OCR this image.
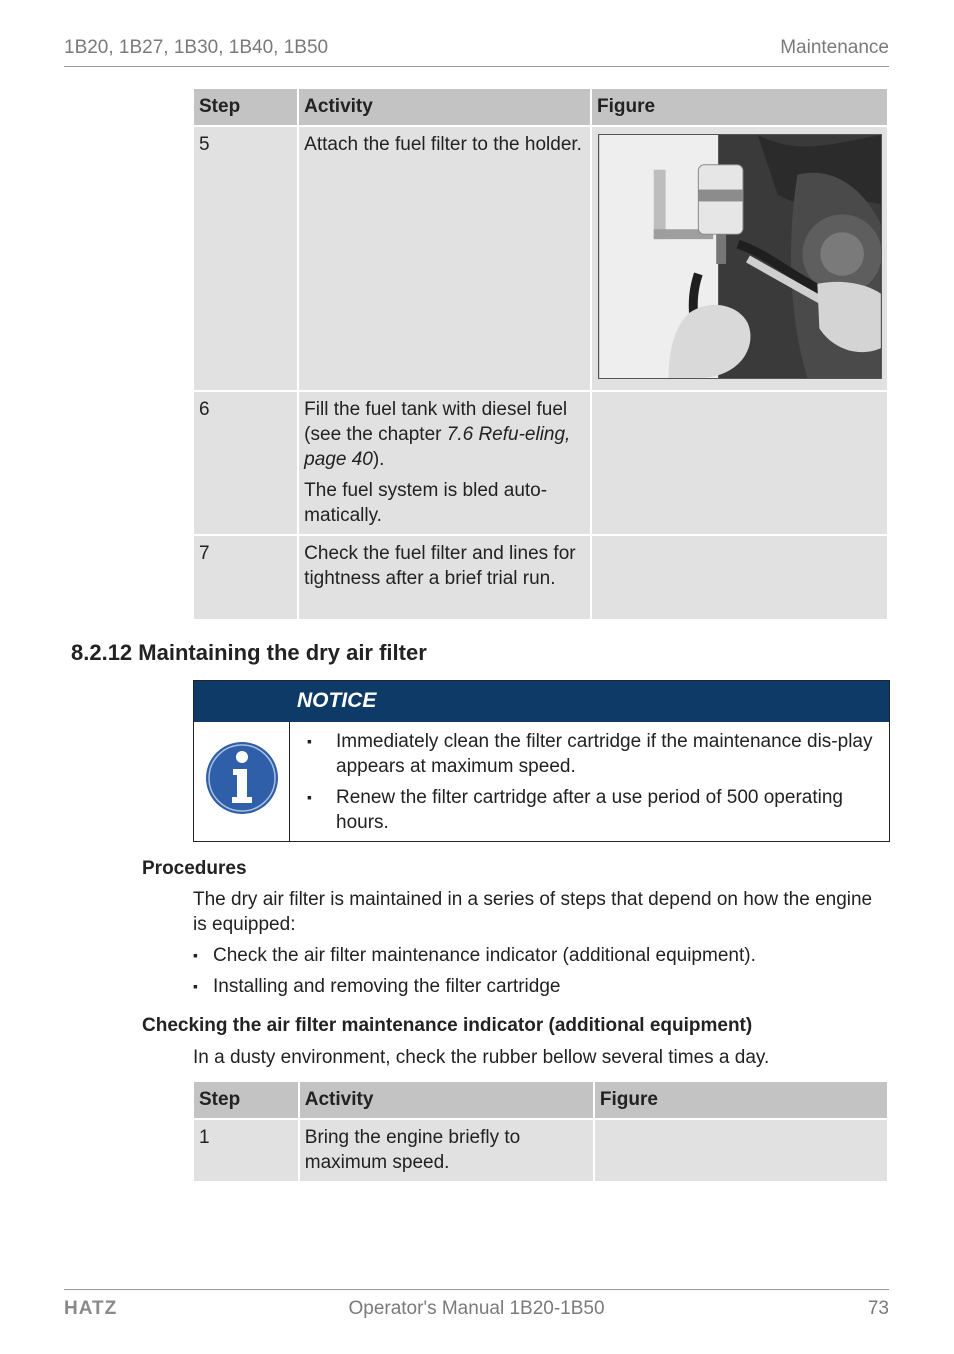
1B20, 1B27, 1B30, 1B40, 1B50	Maintenance
Step	Activity	Figure
5	Attach the fuel filter to the holder.	

6	Fill the fuel tank with diesel fuel (see the chapter 7.6 Refu-eling, page 40).

The fuel system is bled auto-matically.	

7	Check the fuel filter and lines for tightness after a brief trial run.	
8.2.12 Maintaining the dry air filter
NOTICE
▪ Immediately clean the filter cartridge if the maintenance dis-play appears at maximum speed.
▪ Renew the filter cartridge after a use period of 500 operating hours.
Procedures

The dry air filter is maintained in a series of steps that depend on how the engine is equipped:

▪ Check the air filter maintenance indicator (additional equipment).
▪ Installing and removing the filter cartridge
Checking the air filter maintenance indicator (additional equipment)

In a dusty environment, check the rubber bellow several times a day.

Step	Activity	Figure
1	Bring the engine briefly to maximum speed.	
HATZ	Operator's Manual 1B20-1B50	73
